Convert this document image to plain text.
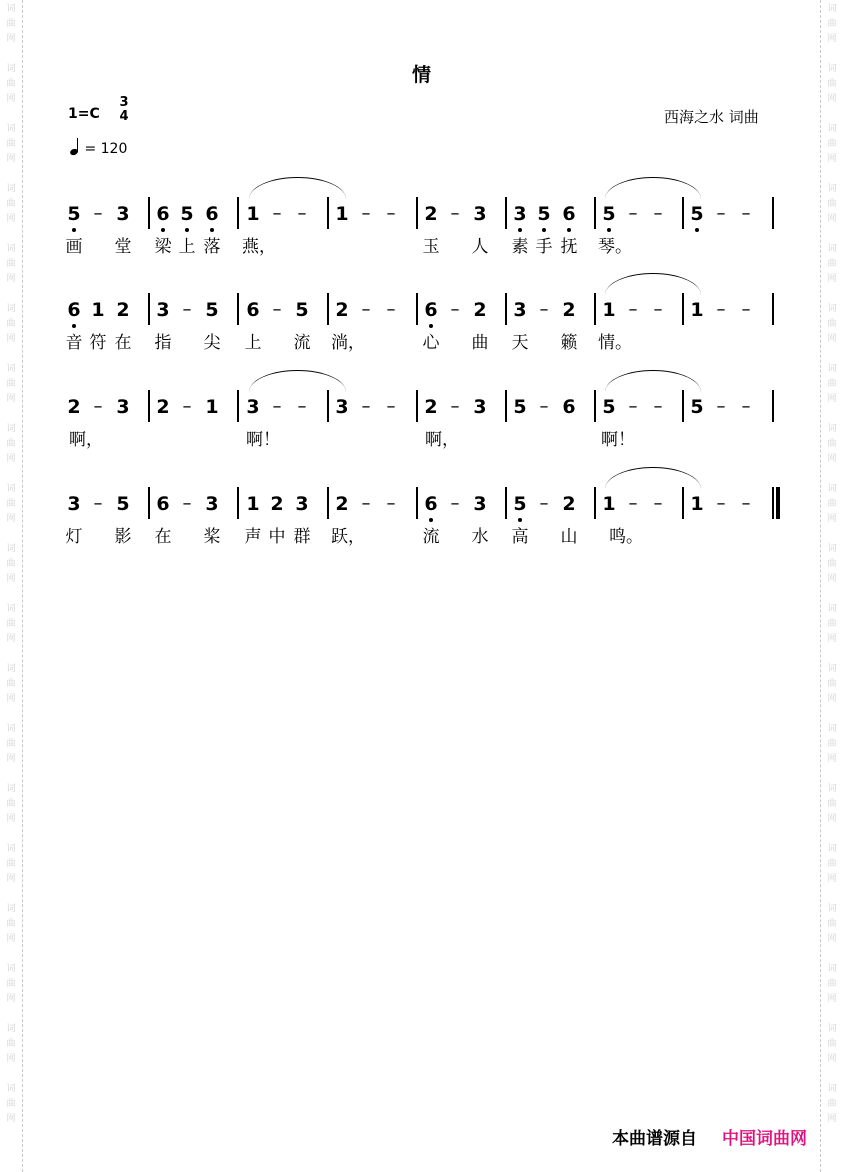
词
曲
网
词
曲
网
词
曲
网
词
曲
网
词
曲
网
词
曲
网
词
曲
网
词
曲
网
词
曲
网
词
曲
网
词
曲
网
词
曲
网
词
曲
网
词
曲
网
词
曲
网
词
曲
网
词
曲
网
词
曲
网
词
曲
网
词
曲
网
词
曲
网
词
曲
网
词
曲
网
词
曲
网
词
曲
网
词
曲
网
词
曲
网
词
曲
网
词
曲
网
词
曲
网
词
曲
网
词
曲
网
词
曲
网
词
曲
网
词
曲
网
词
曲
网
词
曲
网
词
曲
网
情
1=C
3
4
= 120
西海之水 词曲
5 – 3 6 5 6 1 – – 1 – – 2 – 3 3 5 6 5 – – 5 – –
画 堂 梁 上 落 燕，	玉 人 素 手 抚 琴。
6 1 2 3 – 5 6 – 5 2 – – 6 – 2 3 – 2 1 – – 1 – –
音 符 在 指 尖 上 流 淌，	心 曲 天 籁 情。
2 – 3 2 – 1 3 – – 3 – – 2 – 3 5 – 6 5 – – 5 – –
啊，	啊！	啊，	啊！
3 – 5 6 – 3 1 2 3 2 – – 6 – 3 5 – 2 1 – – 1 – –
灯 影 在 桨 声 中 群 跃，	流 水 高 山 鸣。
本曲谱源自 中国词曲网
